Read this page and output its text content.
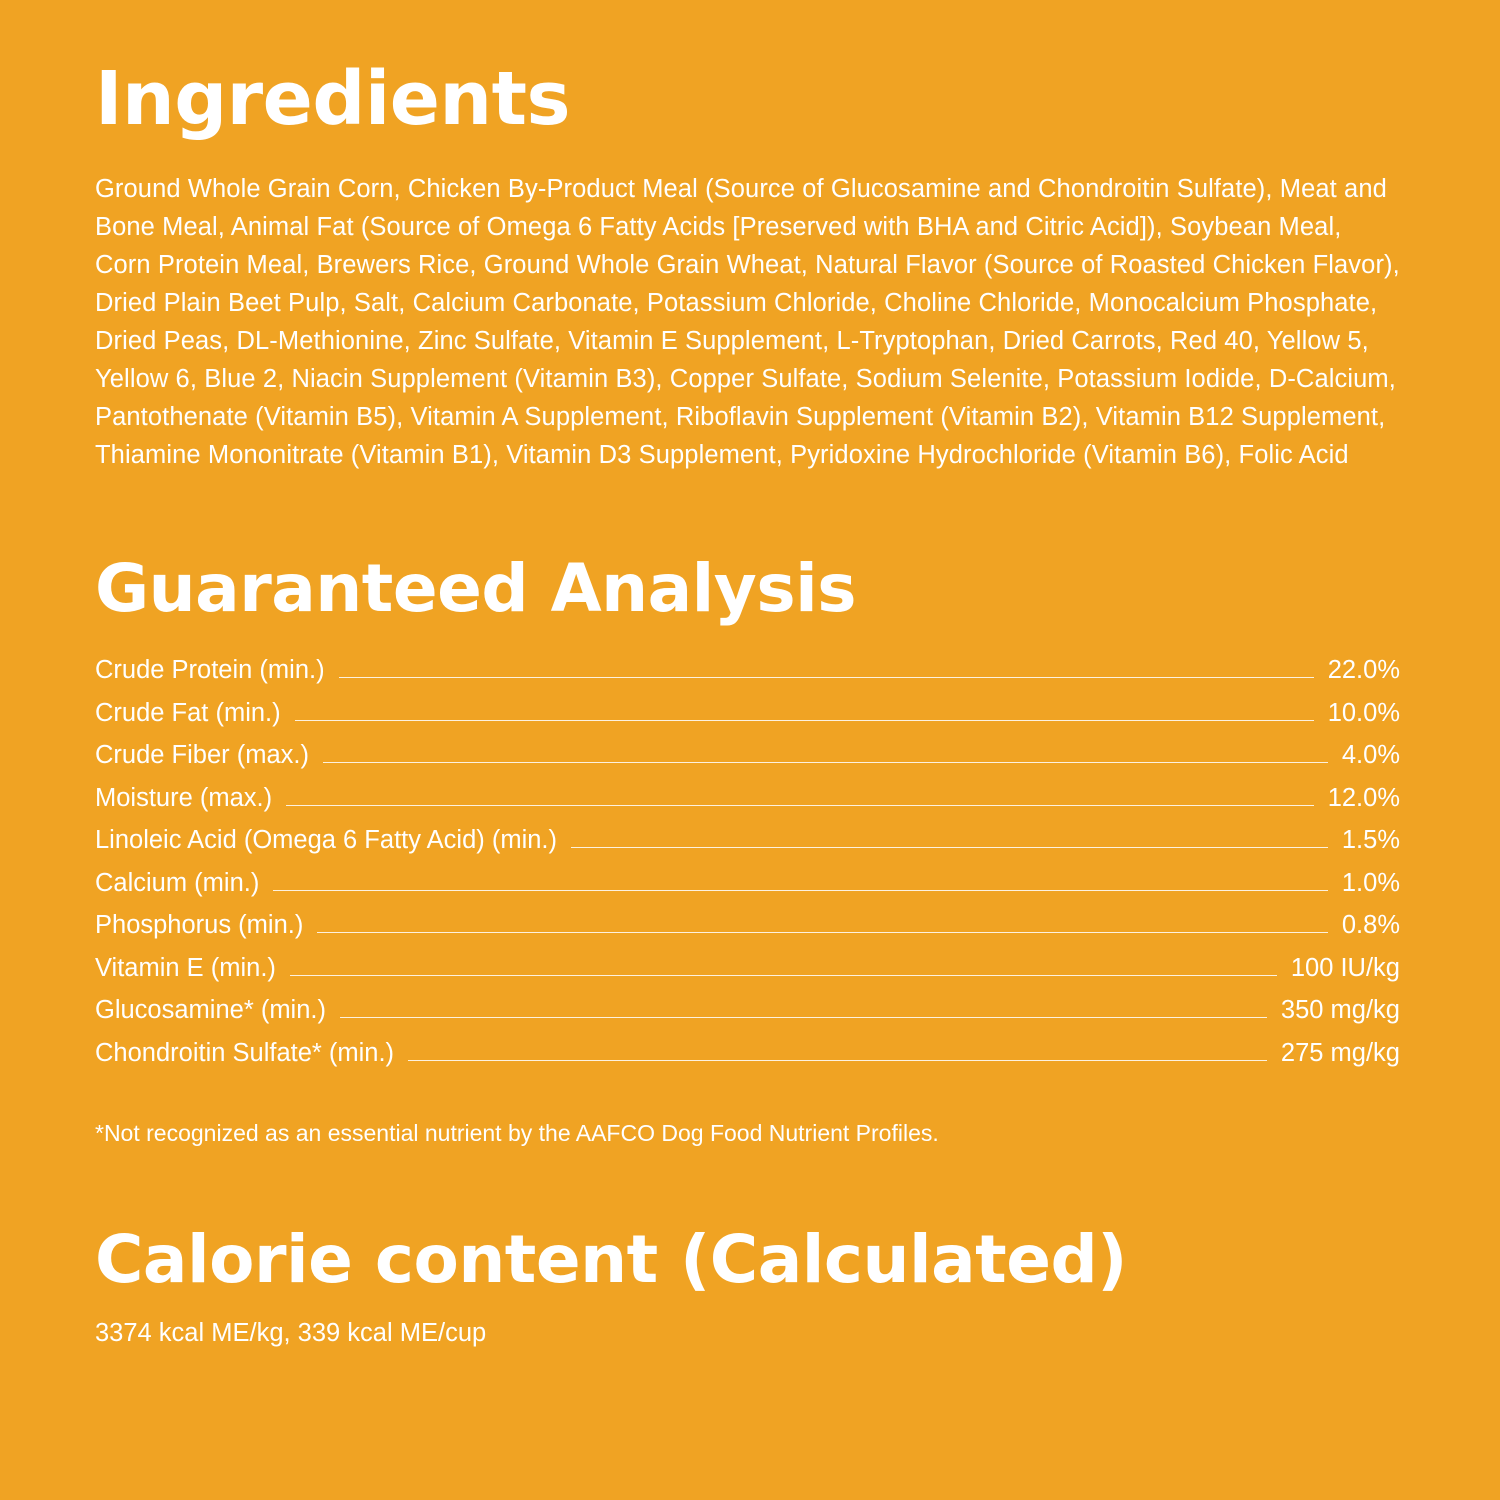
Ingredients

Ground Whole Grain Corn, Chicken By-Product Meal (Source of Glucosamine and Chondroitin Sulfate), Meat and Bone Meal, Animal Fat (Source of Omega 6 Fatty Acids [Preserved with BHA and Citric Acid]), Soybean Meal, Corn Protein Meal, Brewers Rice, Ground Whole Grain Wheat, Natural Flavor (Source of Roasted Chicken Flavor), Dried Plain Beet Pulp, Salt, Calcium Carbonate, Potassium Chloride, Choline Chloride, Monocalcium Phosphate, Dried Peas, DL-Methionine, Zinc Sulfate, Vitamin E Supplement, L-Tryptophan, Dried Carrots, Red 40, Yellow 5, Yellow 6, Blue 2, Niacin Supplement (Vitamin B3), Copper Sulfate, Sodium Selenite, Potassium Iodide, D-Calcium, Pantothenate (Vitamin B5), Vitamin A Supplement, Riboflavin Supplement (Vitamin B2), Vitamin B12 Supplement, Thiamine Mononitrate (Vitamin B1), Vitamin D3 Supplement, Pyridoxine Hydrochloride (Vitamin B6), Folic Acid

Guaranteed Analysis
Crude Protein (min.)	22.0%
Crude Fat (min.)	10.0%
Crude Fiber (max.)	4.0%
Moisture (max.)	12.0%
Linoleic Acid (Omega 6 Fatty Acid) (min.)	1.5%
Calcium (min.)	1.0%
Phosphorus (min.)	0.8%
Vitamin E (min.)	100 IU/kg
Glucosamine* (min.)	350 mg/kg
Chondroitin Sulfate* (min.)	275 mg/kg

*Not recognized as an essential nutrient by the AAFCO Dog Food Nutrient Profiles.

Calorie content (Calculated)

3374 kcal ME/kg, 339 kcal ME/cup
